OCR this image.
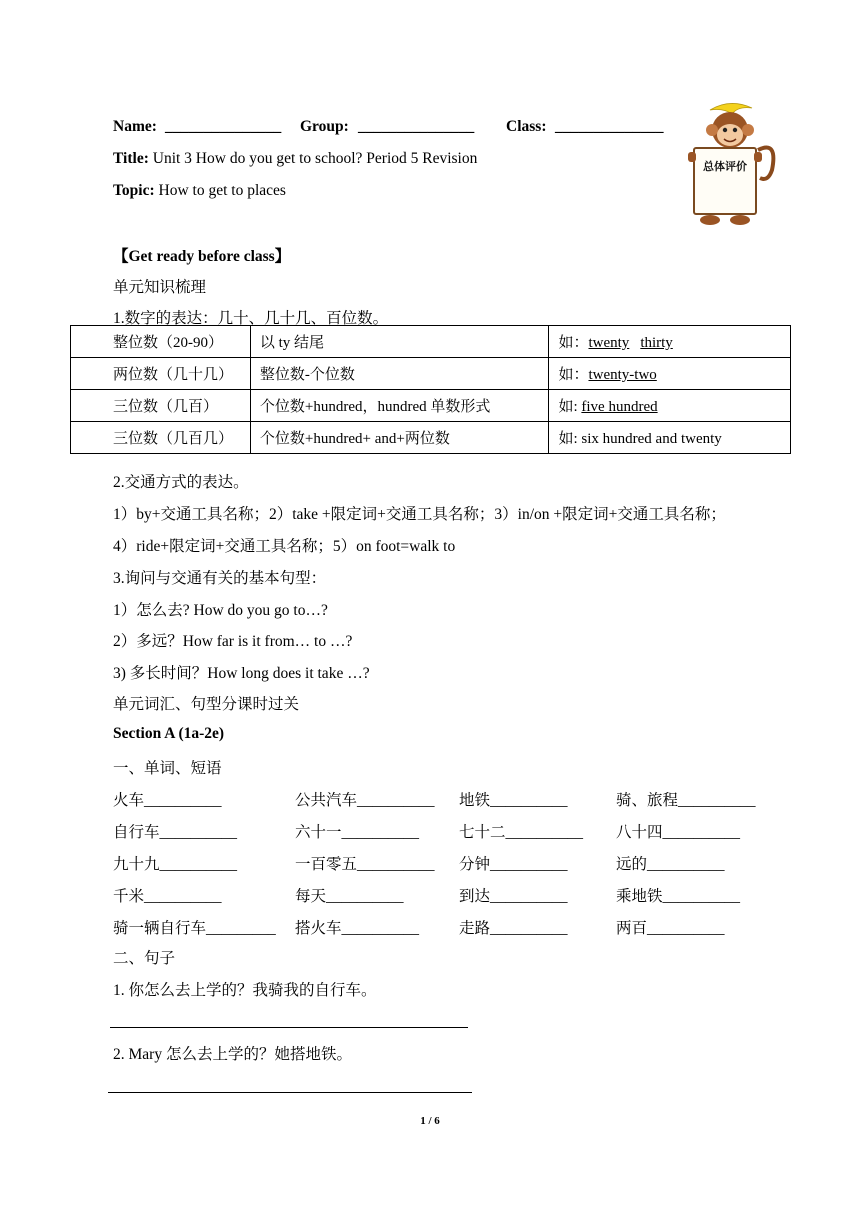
Name: _______________ Group: _______________ Class: ______________
Title: Unit 3 How do you get to school? Period 5 Revision
Topic: How to get to places
总体评价
【Get ready before class】
单元知识梳理
1.数字的表达：几十、几十几、百位数。
整位数（20-90）	以 ty 结尾	如：twenty thirty
两位数（几十几）	整位数-个位数	如：twenty-two
三位数（几百）	个位数+hundred，hundred 单数形式	如: five hundred
三位数（几百几）	个位数+hundred+ and+两位数	如: six hundred and twenty
2.交通方式的表达。
1）by+交通工具名称；2）take +限定词+交通工具名称；3）in/on +限定词+交通工具名称；
4）ride+限定词+交通工具名称；5）on foot=walk to
3.询问与交通有关的基本句型：
1）怎么去? How do you go to…?
2）多远？How far is it from… to …?
3) 多长时间？How long does it take …?
单元词汇、句型分课时过关
Section A (1a-2e)
一、单词、短语
火车__________	公共汽车__________ 地铁__________	骑、旅程__________
自行车__________	六十一__________	七十二__________ 八十四__________
九十九__________	一百零五__________ 分钟__________	远的__________
千米__________	每天__________	到达__________	乘地铁__________
骑一辆自行车_________ 搭火车__________	走路__________	两百__________
二、句子
1. 你怎么去上学的？我骑我的自行车。
2. Mary 怎么去上学的？她搭地铁。
1 / 6
